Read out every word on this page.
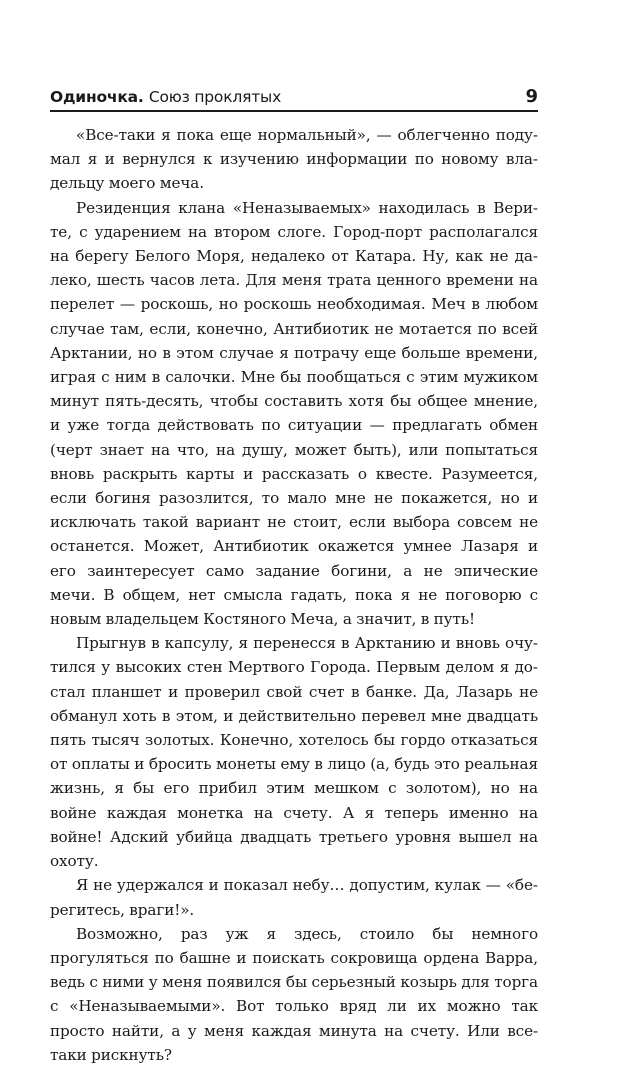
Одиночка. Союз проклятых	9

«Все-таки я пока еще нормальный», — облегченно подумал я и вернулся к изучению информации по новому владельцу моего меча.

Резиденция клана «Неназываемых» находилась в Верите, с ударением на втором слоге. Город-порт располагался на берегу Белого Моря, недалеко от Катара. Ну, как не далеко, шесть часов лета. Для меня трата ценного времени на перелет — роскошь, но роскошь необходимая. Меч в любом случае там, если, конечно, Антибиотик не мотается по всей Арктании, но в этом случае я потрачу еще больше времени, играя с ним в салочки. Мне бы пообщаться с этим мужиком минут пять-десять, чтобы составить хотя бы общее мнение, и уже тогда действовать по ситуации — предлагать обмен (черт знает на что, на душу, может быть), или попытаться вновь раскрыть карты и рассказать о квесте. Разумеется, если богиня разозлится, то мало мне не покажется, но и исключать такой вариант не стоит, если выбора совсем не останется. Может, Антибиотик окажется умнее Лазаря и его заинтересует само задание богини, а не эпические мечи. В общем, нет смысла гадать, пока я не поговорю с новым владельцем Костяного Меча, а значит, в путь!

Прыгнув в капсулу, я перенесся в Арктанию и вновь очутился у высоких стен Мертвого Города. Первым делом я достал планшет и проверил свой счет в банке. Да, Лазарь не обманул хоть в этом, и действительно перевел мне двадцать пять тысяч золотых. Конечно, хотелось бы гордо отказаться от оплаты и бросить монеты ему в лицо (а, будь это реальная жизнь, я бы его прибил этим мешком с золотом), но на войне каждая монетка на счету. А я теперь именно на войне! Адский убийца двадцать третьего уровня вышел на охоту.

Я не удержался и показал небу… допустим, кулак — «берегитесь, враги!».

Возможно, раз уж я здесь, стоило бы немного прогуляться по башне и поискать сокровища ордена Варра, ведь с ними у меня появился бы серьезный козырь для торга с «Неназываемыми». Вот только вряд ли их можно так просто найти, а у меня каждая минута на счету. Или все-таки рискнуть?
